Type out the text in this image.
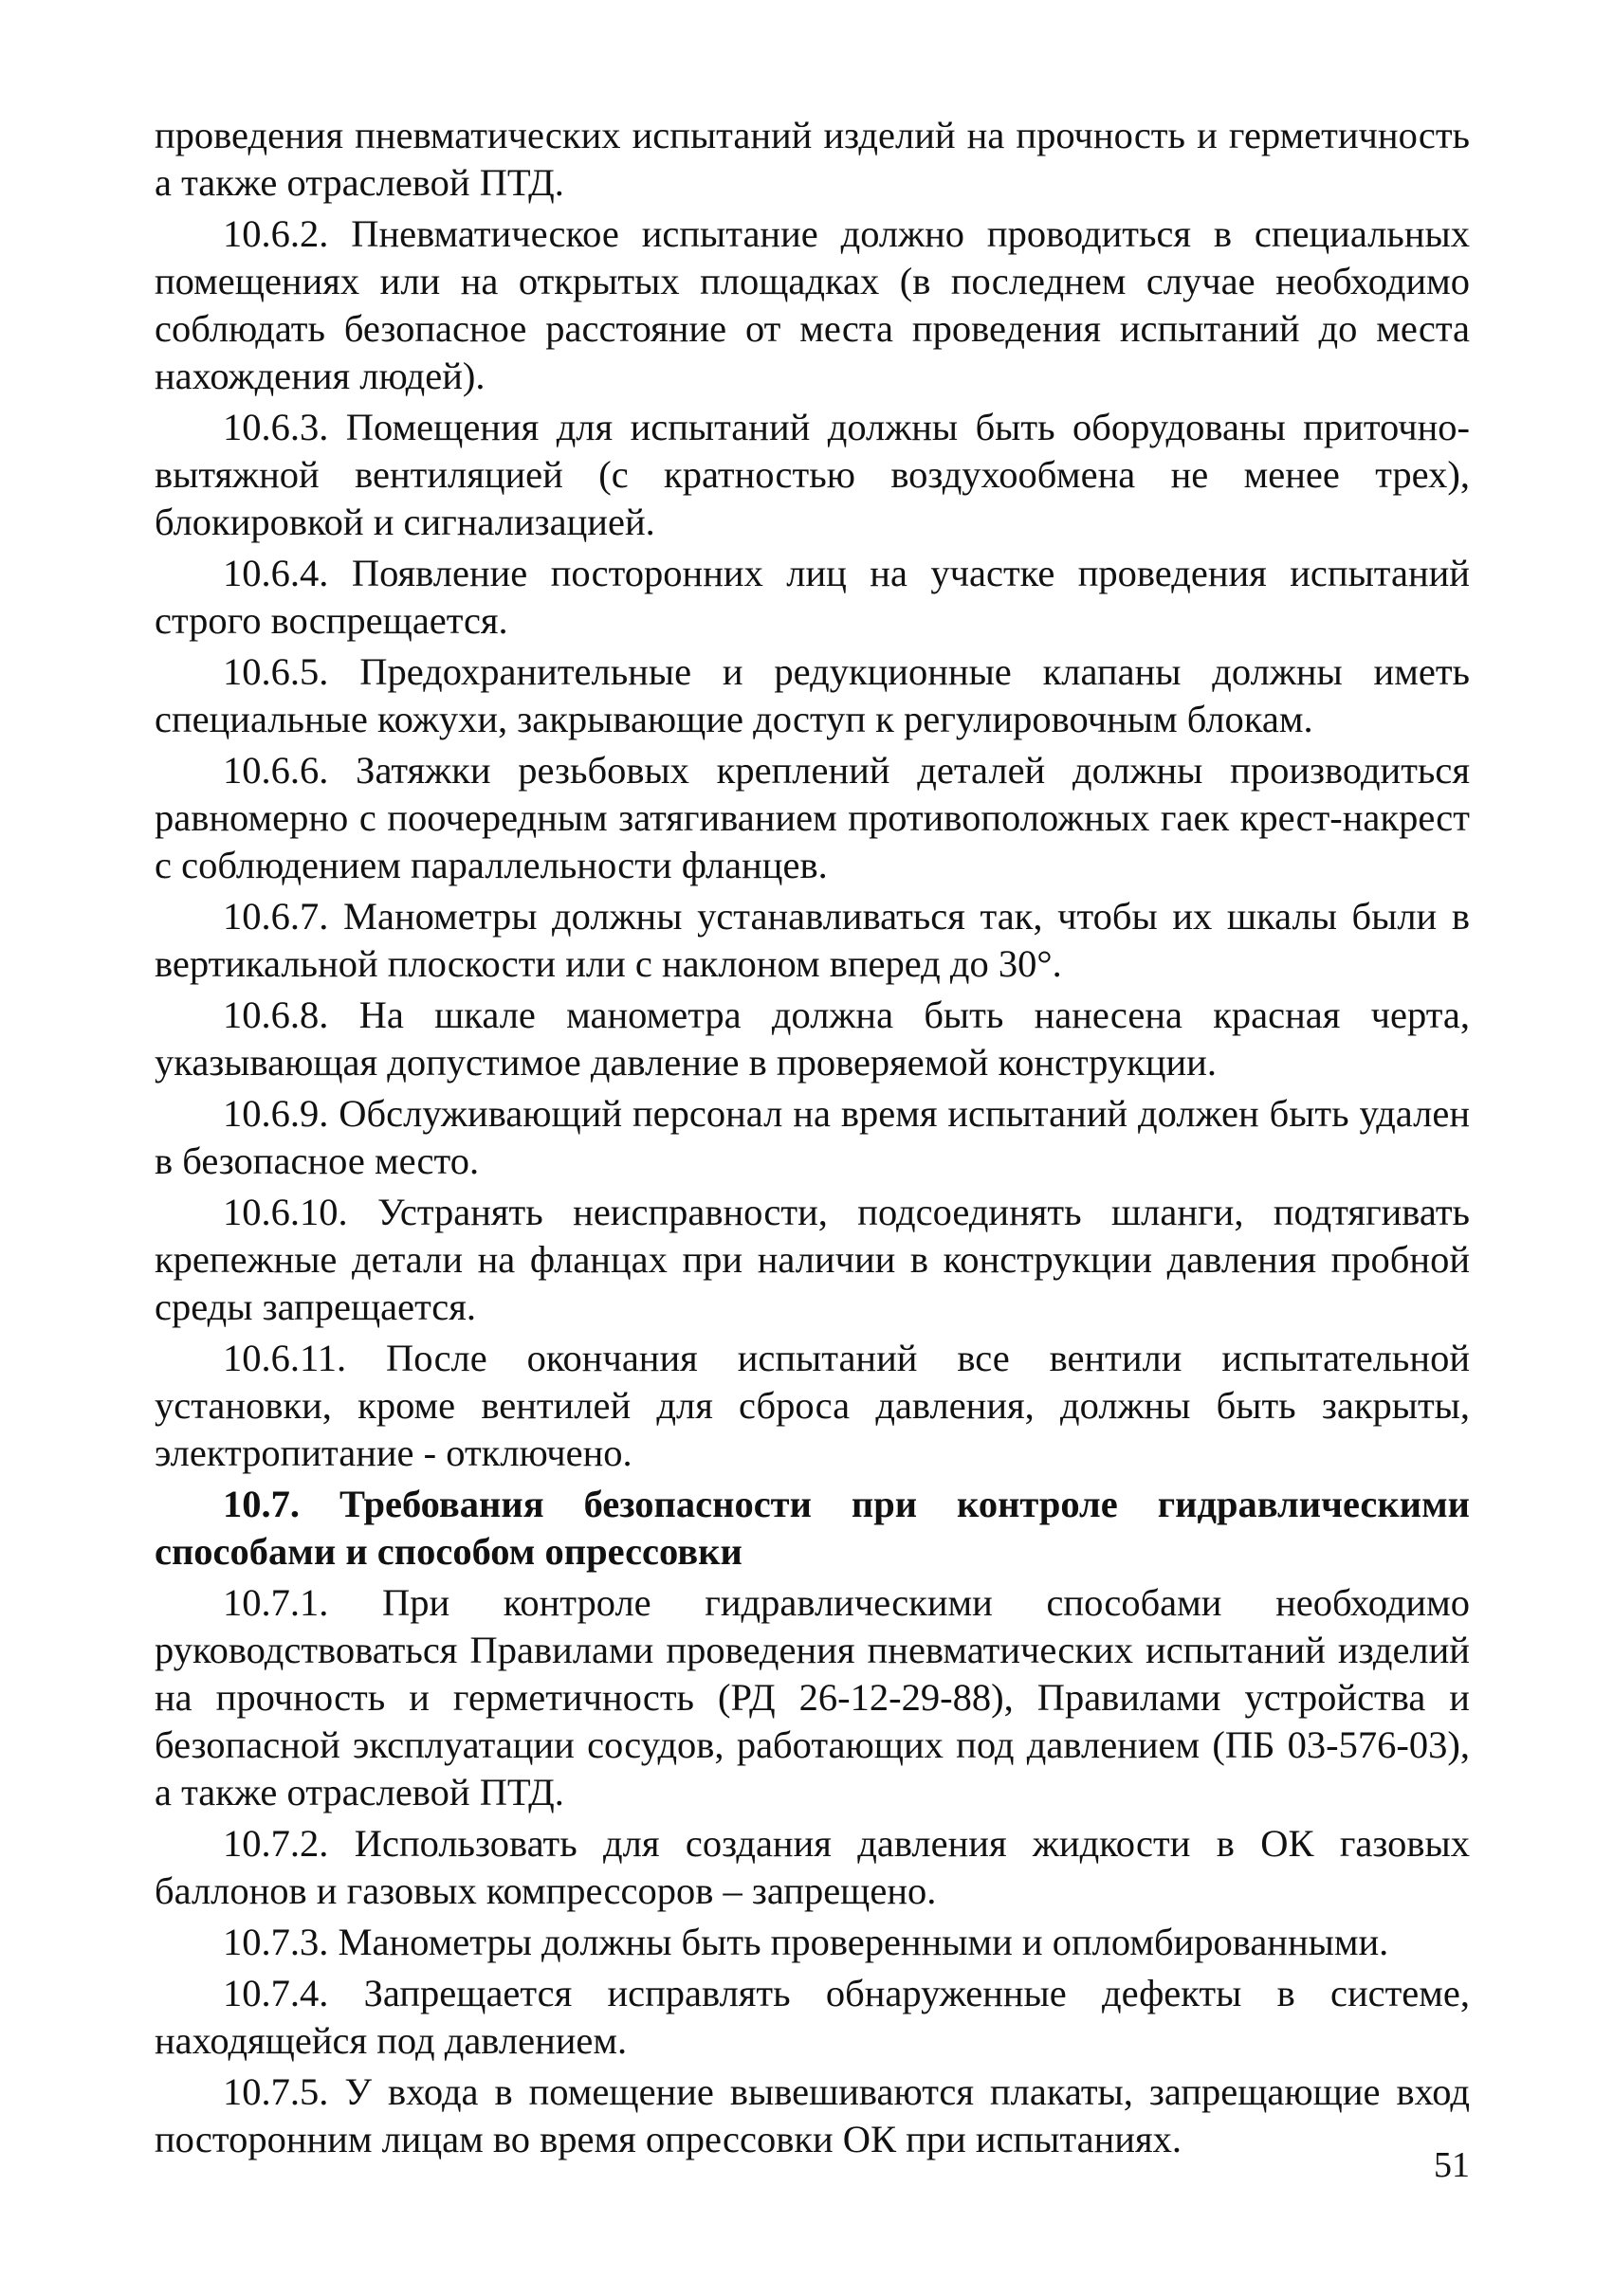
проведения пневматических испытаний изделий на прочность и герметичность а также отраслевой ПТД.

10.6.2. Пневматическое испытание должно проводиться в специальных помещениях или на открытых площадках (в последнем случае необходимо соблюдать безопасное расстояние от места проведения испытаний до места нахождения людей).

10.6.3. Помещения для испытаний должны быть оборудованы приточно-вытяжной вентиляцией (с кратностью воздухообмена не менее трех), блокировкой и сигнализацией.

10.6.4. Появление посторонних лиц на участке проведения испытаний строго воспрещается.

10.6.5. Предохранительные и редукционные клапаны должны иметь специальные кожухи, закрывающие доступ к регулировочным блокам.

10.6.6. Затяжки резьбовых креплений деталей должны производиться равномерно с поочередным затягиванием противоположных гаек крест-накрест с соблюдением параллельности фланцев.

10.6.7. Манометры должны устанавливаться так, чтобы их шкалы были в вертикальной плоскости или с наклоном вперед до 30°.

10.6.8. На шкале манометра должна быть нанесена красная черта, указывающая допустимое давление в проверяемой конструкции.

10.6.9. Обслуживающий персонал на время испытаний должен быть удален в безопасное место.

10.6.10. Устранять неисправности, подсоединять шланги, подтягивать крепежные детали на фланцах при наличии в конструкции давления пробной среды запрещается.

10.6.11. После окончания испытаний все вентили испытательной установки, кроме вентилей для сброса давления, должны быть закрыты, электропитание - отключено.

10.7. Требования безопасности при контроле гидравлическими способами и способом опрессовки

10.7.1. При контроле гидравлическими способами необходимо руководствоваться Правилами проведения пневматических испытаний изделий на прочность и герметичность (РД 26-12-29-88), Правилами устройства и безопасной эксплуатации сосудов, работающих под давлением (ПБ 03-576-03), а также отраслевой ПТД.

10.7.2. Использовать для создания давления жидкости в ОК газовых баллонов и газовых компрессоров – запрещено.

10.7.3. Манометры должны быть проверенными и опломбированными.

10.7.4. Запрещается исправлять обнаруженные дефекты в системе, находящейся под давлением.

10.7.5. У входа в помещение вывешиваются плакаты, запрещающие вход посторонним лицам во время опрессовки ОК при испытаниях.

51
